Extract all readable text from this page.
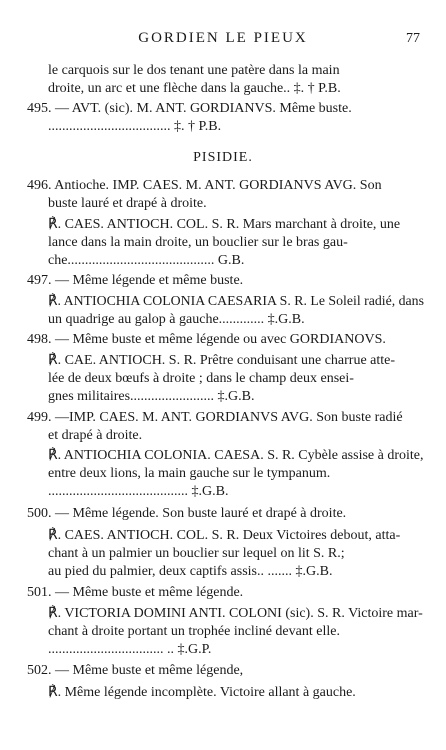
GORDIEN LE PIEUX	77
le carquois sur le dos tenant une patère dans la main
droite, un arc et une flèche dans la gauche.. ‡. † P.B.
495. — AVT. (sic). M. ANT. GORDIANVS. Même buste.
................................... ‡. † P.B.
PISIDIE.
496. Antioche. IMP. CAES. M. ANT. GORDIANVS AVG. Son
buste lauré et drapé à droite.
℟. CAES. ANTIOCH. COL. S. R. Mars marchant à droite, une
lance dans la main droite, un bouclier sur le bras gau-
che.......................................... G.B.
497. — Même légende et même buste.
℟. ANTIOCHIA COLONIA CAESARIA S. R. Le Soleil radié, dans
un quadrige au galop à gauche............. ‡.G.B.
498. — Même buste et même légende ou avec GORDIANOVS.
℟. CAE. ANTIOCH. S. R. Prêtre conduisant une charrue atte-
lée de deux bœufs à droite ; dans le champ deux ensei-
gnes militaires........................ ‡.G.B.
499. —IMP. CAES. M. ANT. GORDIANVS AVG. Son buste radié
et drapé à droite.
℟. ANTIOCHIA COLONIA. CAESA. S. R. Cybèle assise à droite,
entre deux lions, la main gauche sur le tympanum.
........................................ ‡.G.B.
500. — Même légende. Son buste lauré et drapé à droite.
℟. CAES. ANTIOCH. COL. S. R. Deux Victoires debout, atta-
chant à un palmier un bouclier sur lequel on lit S. R.;
au pied du palmier, deux captifs assis.. ....... ‡.G.B.
501. — Même buste et même légende.
℟. VICTORIA DOMINI ANTI. COLONI (sic). S. R. Victoire mar-
chant à droite portant un trophée incliné devant elle.
................................. .. ‡.G.P.
502. — Même buste et même légende,
℟. Même légende incomplète. Victoire allant à gauche.
